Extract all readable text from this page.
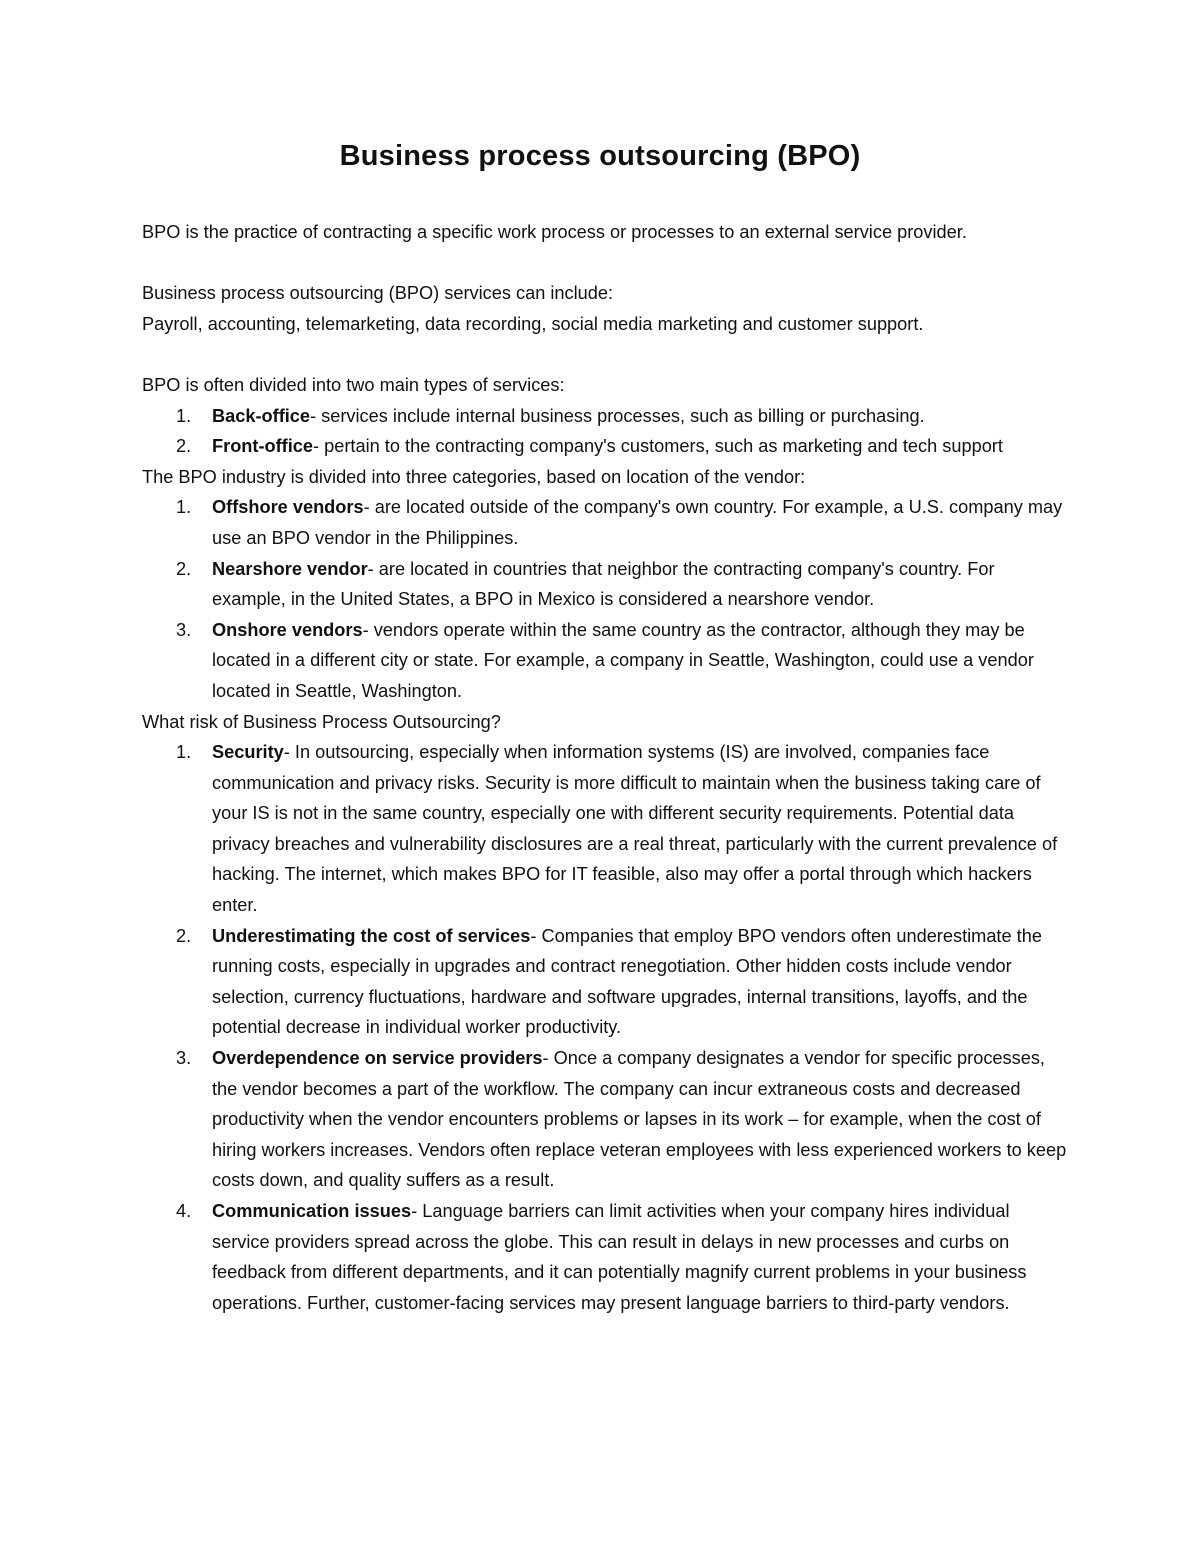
Business process outsourcing (BPO)

BPO is the practice of contracting a specific work process or processes to an external service provider.

Business process outsourcing (BPO) services can include:

Payroll, accounting, telemarketing, data recording, social media marketing and customer support.

BPO is often divided into two main types of services:

1. Back-office- services include internal business processes, such as billing or purchasing.
2. Front-office- pertain to the contracting company's customers, such as marketing and tech support

The BPO industry is divided into three categories, based on location of the vendor:

1. Offshore vendors- are located outside of the company's own country. For example, a U.S. company may use an BPO vendor in the Philippines.
2. Nearshore vendor- are located in countries that neighbor the contracting company's country. For example, in the United States, a BPO in Mexico is considered a nearshore vendor.
3. Onshore vendors- vendors operate within the same country as the contractor, although they may be located in a different city or state. For example, a company in Seattle, Washington, could use a vendor located in Seattle, Washington.

What risk of Business Process Outsourcing?

1. Security- In outsourcing, especially when information systems (IS) are involved, companies face communication and privacy risks. Security is more difficult to maintain when the business taking care of your IS is not in the same country, especially one with different security requirements. Potential data privacy breaches and vulnerability disclosures are a real threat, particularly with the current prevalence of hacking. The internet, which makes BPO for IT feasible, also may offer a portal through which hackers enter.
2. Underestimating the cost of services- Companies that employ BPO vendors often underestimate the running costs, especially in upgrades and contract renegotiation. Other hidden costs include vendor selection, currency fluctuations, hardware and software upgrades, internal transitions, layoffs, and the potential decrease in individual worker productivity.
3. Overdependence on service providers- Once a company designates a vendor for specific processes, the vendor becomes a part of the workflow. The company can incur extraneous costs and decreased productivity when the vendor encounters problems or lapses in its work – for example, when the cost of hiring workers increases. Vendors often replace veteran employees with less experienced workers to keep costs down, and quality suffers as a result.
4. Communication issues- Language barriers can limit activities when your company hires individual service providers spread across the globe. This can result in delays in new processes and curbs on feedback from different departments, and it can potentially magnify current problems in your business operations. Further, customer-facing services may present language barriers to third-party vendors.
